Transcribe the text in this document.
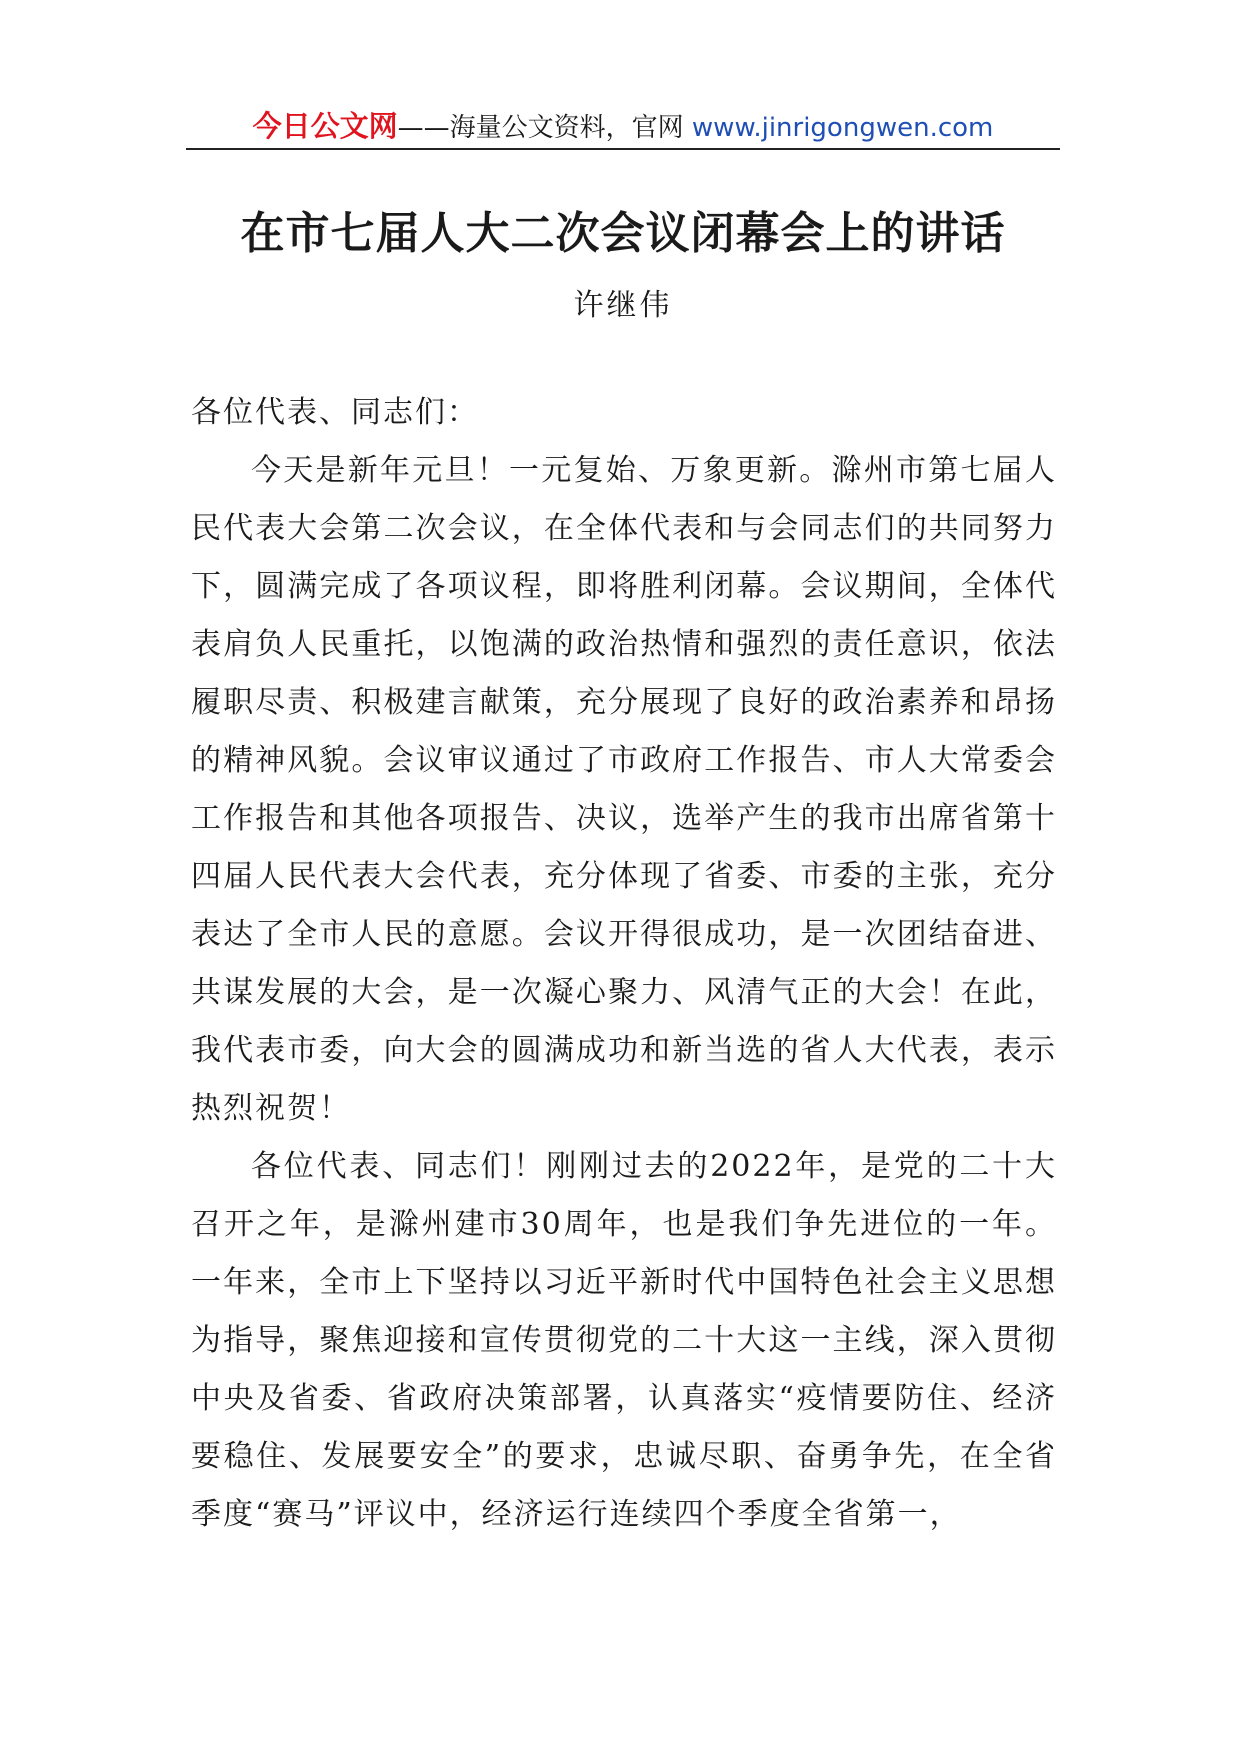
今日公文网——海量公文资料，官网 www.jinrigongwen.com
在市七届人大二次会议闭幕会上的讲话
许继伟

各位代表、同志们：

今天是新年元旦！一元复始、万象更新。滁州市第七届人民代表大会第二次会议，在全体代表和与会同志们的共同努力下，圆满完成了各项议程，即将胜利闭幕。会议期间，全体代表肩负人民重托，以饱满的政治热情和强烈的责任意识，依法履职尽责、积极建言献策，充分展现了良好的政治素养和昂扬的精神风貌。会议审议通过了市政府工作报告、市人大常委会工作报告和其他各项报告、决议，选举产生的我市出席省第十四届人民代表大会代表，充分体现了省委、市委的主张，充分表达了全市人民的意愿。会议开得很成功，是一次团结奋进、共谋发展的大会，是一次凝心聚力、风清气正的大会！在此，我代表市委，向大会的圆满成功和新当选的省人大代表，表示热烈祝贺！

各位代表、同志们！刚刚过去的2022年，是党的二十大召开之年，是滁州建市30周年，也是我们争先进位的一年。一年来，全市上下坚持以习近平新时代中国特色社会主义思想为指导，聚焦迎接和宣传贯彻党的二十大这一主线，深入贯彻中央及省委、省政府决策部署，认真落实“疫情要防住、经济要稳住、发展要安全”的要求，忠诚尽职、奋勇争先，在全省季度“赛马”评议中，经济运行连续四个季度全省第一，
